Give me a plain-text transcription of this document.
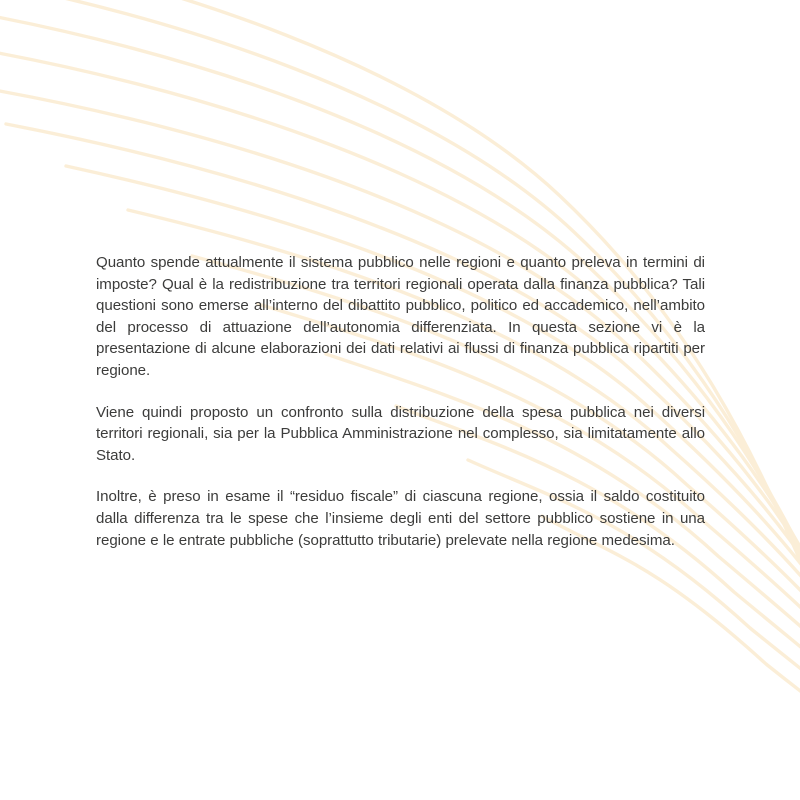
Quanto spende attualmente il sistema pubblico nelle regioni e quanto preleva in termini di imposte? Qual è la redistribuzione tra territori regionali operata dalla finanza pubblica? Tali questioni sono emerse all’interno del dibattito pubblico, politico ed accademico, nell’ambito del processo di attuazione dell’autonomia differenziata. In questa sezione vi è la presentazione di alcune elaborazioni dei dati relativi ai flussi di finanza pubblica ripartiti per regione.

Viene quindi proposto un confronto sulla distribuzione della spesa pubblica nei diversi territori regionali, sia per la Pubblica Amministrazione nel complesso, sia limitatamente allo Stato.

Inoltre, è preso in esame il “residuo fiscale” di ciascuna regione, ossia il saldo costituito dalla differenza tra le spese che l’insieme degli enti del settore pubblico sostiene in una regione e le entrate pubbliche (soprattutto tributarie) prelevate nella regione medesima.
